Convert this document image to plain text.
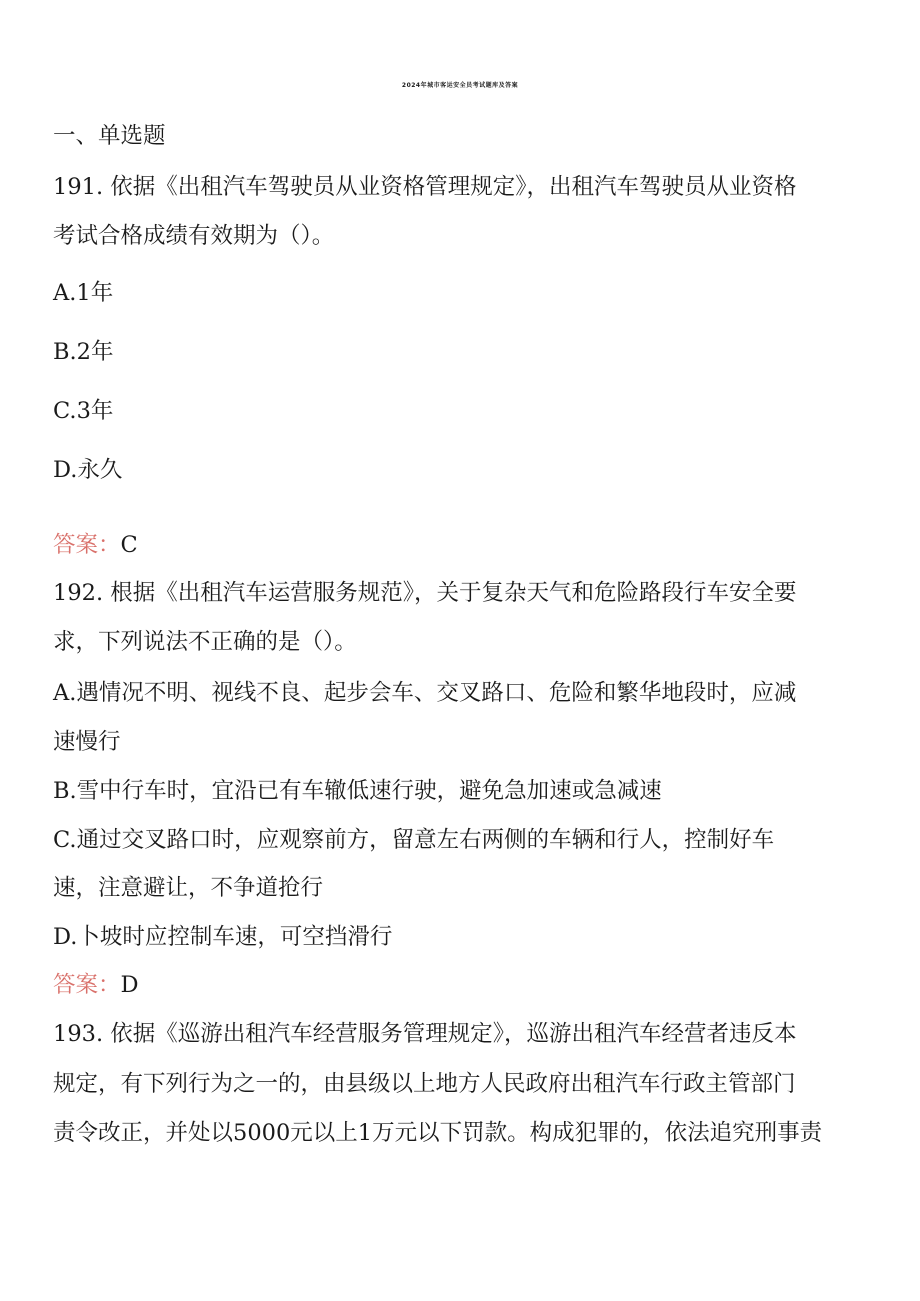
2024年城市客运安全员考试题库及答案
一、单选题
191. 依据《出租汽车驾驶员从业资格管理规定》，出租汽车驾驶员从业资格
考试合格成绩有效期为（）。
A.1年
B.2年
C.3年
D.永久
答案：C
192. 根据《出租汽车运营服务规范》，关于复杂天气和危险路段行车安全要
求，下列说法不正确的是（）。
A.遇情况不明、视线不良、起步会车、交叉路口、危险和繁华地段时，应减
速慢行
B.雪中行车时，宜沿已有车辙低速行驶，避免急加速或急减速
C.通过交叉路口时，应观察前方，留意左右两侧的车辆和行人，控制好车
速，注意避让，不争道抢行
D.卜坡时应控制车速，可空挡滑行
答案：D
193. 依据《巡游出租汽车经营服务管理规定》，巡游出租汽车经营者违反本
规定，有下列行为之一的，由县级以上地方人民政府出租汽车行政主管部门
责令改正，并处以5000元以上1万元以下罚款。构成犯罪的，依法追究刑事责
